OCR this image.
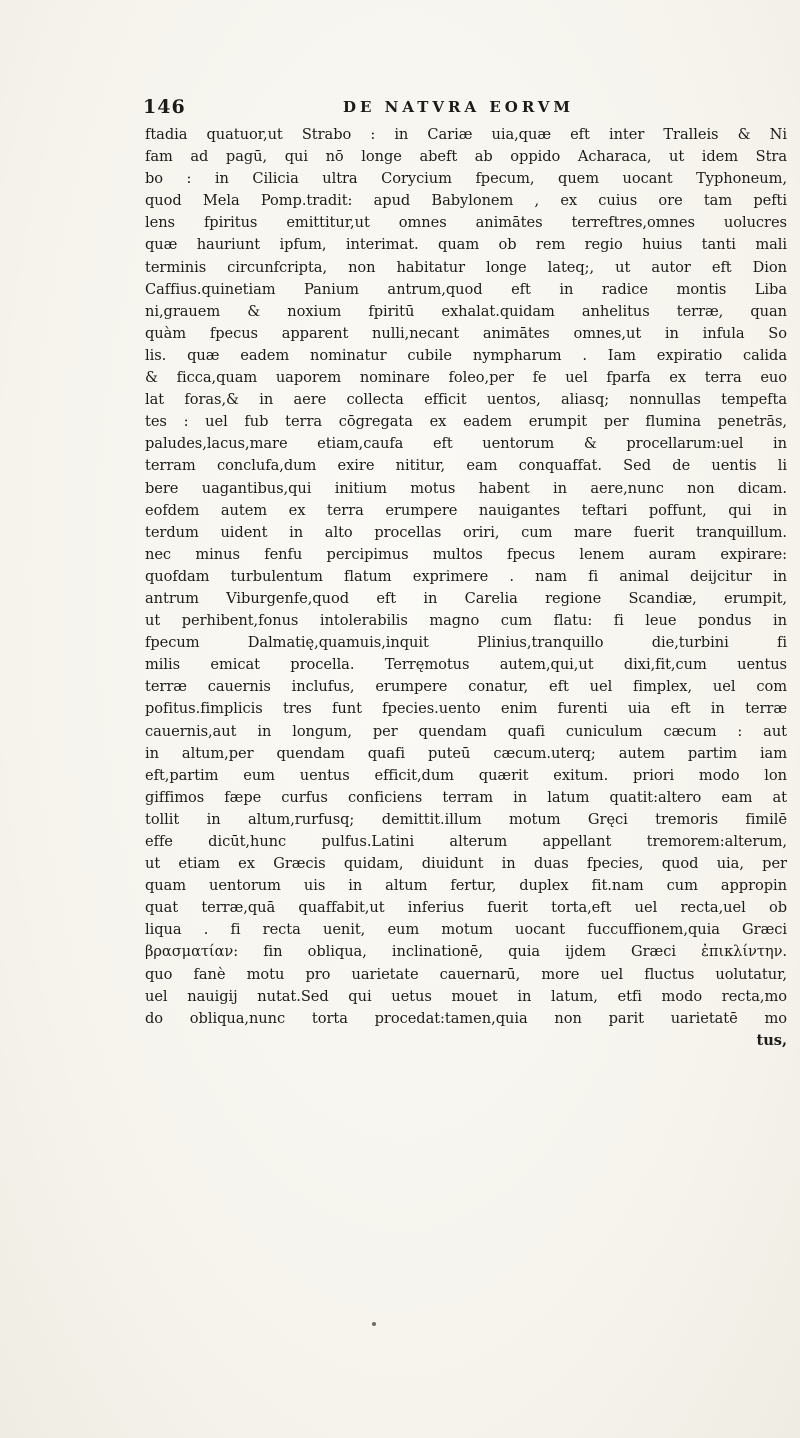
146	DE NATVRA EORVM
ftadia quatuor,ut Strabo : in Cariæ uia,quæ eft inter Tralleis & Ni
fam ad pagū, qui nō longe abeft ab oppido Acharaca, ut idem Stra
bo : in Cilicia ultra Corycium fpecum, quem uocant Typhoneum,
quod Mela Pomp.tradit: apud Babylonem , ex cuius ore tam pefti
lens fpiritus emittitur,ut omnes animātes terreftres,omnes uolucres
quæ hauriunt ipfum, interimat. quam ob rem regio huius tanti mali
terminis circunfcripta, non habitatur longe lateq;, ut autor eft Dion
Caffius.quinetiam Panium antrum,quod eft in radice montis Liba
ni,grauem & noxium fpiritū exhalat.quidam anhelitus terræ, quan
quàm fpecus apparent nulli,necant animātes omnes,ut in infula So
lis. quæ eadem nominatur cubile nympharum . Iam expiratio calida
& ficca,quam uaporem nominare foleo,per fe uel fparfa ex terra euo
lat foras,& in aere collecta efficit uentos, aliasq; nonnullas tempefta
tes : uel fub terra cōgregata ex eadem erumpit per flumina penetrās,
paludes,lacus,mare etiam,caufa eft uentorum & procellarum:uel in
terram conclufa,dum exire nititur, eam conquaffat. Sed de uentis li
bere uagantibus,qui initium motus habent in aere,nunc non dicam.
eofdem autem ex terra erumpere nauigantes teftari poffunt, qui in
terdum uident in alto procellas oriri, cum mare fuerit tranquillum.
nec minus fenfu percipimus multos fpecus lenem auram expirare:
quofdam turbulentum flatum exprimere . nam fi animal deijcitur in
antrum Viburgenfe,quod eft in Carelia regione Scandiæ, erumpit,
ut perhibent,fonus intolerabilis magno cum flatu: fi leue pondus in
fpecum Dalmatię,quamuis,inquit Plinius,tranquillo die,turbini fi
milis emicat procella. Terręmotus autem,qui,ut dixi,fit,cum uentus
terræ cauernis inclufus, erumpere conatur, eft uel fimplex, uel com
pofitus.fimplicis tres funt fpecies.uento enim furenti uia eft in terræ
cauernis,aut in longum, per quendam quafi cuniculum cæcum : aut
in altum,per quendam quafi puteū cæcum.uterq; autem partim iam
eft,partim eum uentus efficit,dum quærit exitum. priori modo lon
giffimos fæpe curfus conficiens terram in latum quatit:altero eam at
tollit in altum,rurfusq; demittit.illum motum Gręci tremoris fimilē
effe dicūt,hunc pulfus.Latini alterum appellant tremorem:alterum,
ut etiam ex Græcis quidam, diuidunt in duas fpecies, quod uia, per
quam uentorum uis in altum fertur, duplex fit.nam cum appropin
quat terræ,quā quaffabit,ut inferius fuerit torta,eft uel recta,uel ob
liqua . fi recta uenit, eum motum uocant fuccuffionem,quia Græci
βρασματίαν: fin obliqua, inclinationē, quia ijdem Græci ἐπικλίντην.
quo fanè motu pro uarietate cauernarū, more uel fluctus uolutatur,
uel nauigij nutat.Sed qui uetus mouet in latum, etfi modo recta,mo
do obliqua,nunc torta procedat:tamen,quia non parit uarietatē mo
tus,
